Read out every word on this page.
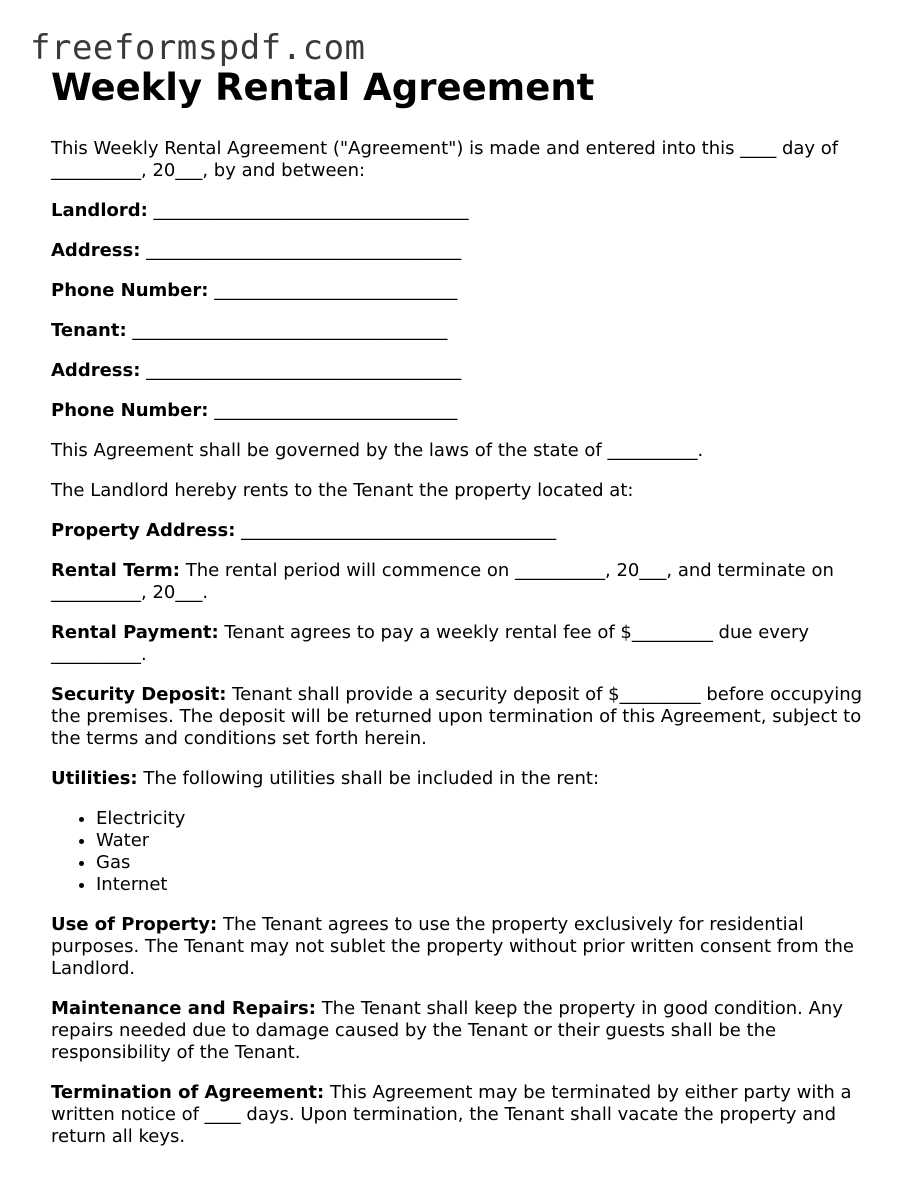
freeformspdf.com
Weekly Rental Agreement

This Weekly Rental Agreement ("Agreement") is made and entered into this ____ day of __________, 20___, by and between:

Landlord: ___________________________________

Address: ___________________________________

Phone Number: ___________________________

Tenant: ___________________________________

Address: ___________________________________

Phone Number: ___________________________

This Agreement shall be governed by the laws of the state of __________.

The Landlord hereby rents to the Tenant the property located at:

Property Address: ___________________________________

Rental Term: The rental period will commence on __________, 20___, and terminate on __________, 20___.

Rental Payment: Tenant agrees to pay a weekly rental fee of $_________ due every __________.

Security Deposit: Tenant shall provide a security deposit of $_________ before occupying the premises. The deposit will be returned upon termination of this Agreement, subject to the terms and conditions set forth herein.

Utilities: The following utilities shall be included in the rent:

• Electricity
• Water
• Gas
• Internet

Use of Property: The Tenant agrees to use the property exclusively for residential purposes. The Tenant may not sublet the property without prior written consent from the Landlord.

Maintenance and Repairs: The Tenant shall keep the property in good condition. Any repairs needed due to damage caused by the Tenant or their guests shall be the responsibility of the Tenant.

Termination of Agreement: This Agreement may be terminated by either party with a written notice of ____ days. Upon termination, the Tenant shall vacate the property and return all keys.
